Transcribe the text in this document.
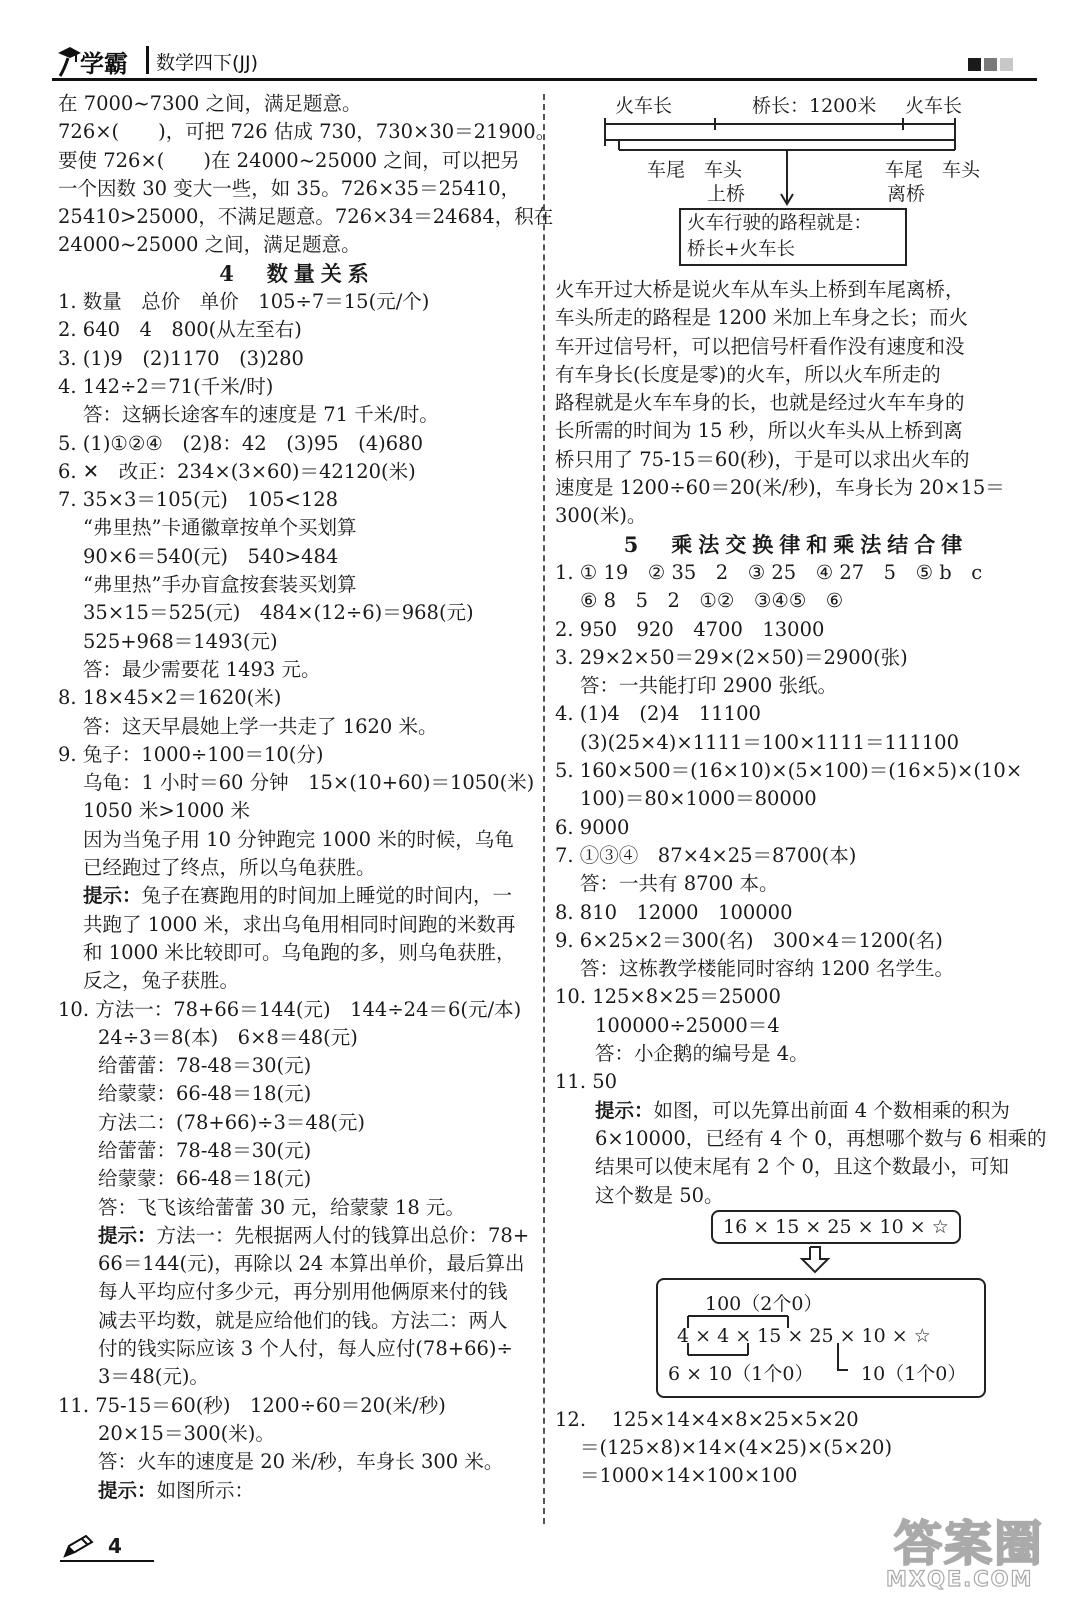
学霸 数学四下(JJ)
在 7000~7300 之间，满足题意。
726×(　　)，可把 726 估成 730，730×30＝21900。
要使 726×(　　)在 24000~25000 之间，可以把另
一个因数 30 变大一些，如 35。726×35＝25410，
25410>25000，不满足题意。726×34＝24684，积在
24000~25000 之间，满足题意。
4　数量关系
1. 数量　总价　单价　105÷7＝15(元/个)
2. 640　4　800(从左至右)
3. (1)9　(2)1170　(3)280
4. 142÷2＝71(千米/时)
答：这辆长途客车的速度是 71 千米/时。
5. (1)①②④　(2)8：42　(3)95　(4)680
6. ✕　改正：234×(3×60)＝42120(米)
7. 35×3＝105(元)　105<128
“弗里热”卡通徽章按单个买划算
90×6＝540(元)　540>484
“弗里热”手办盲盒按套装买划算
35×15＝525(元)　484×(12÷6)＝968(元)
525+968＝1493(元)
答：最少需要花 1493 元。
8. 18×45×2＝1620(米)
答：这天早晨她上学一共走了 1620 米。
9. 兔子：1000÷100＝10(分)
乌龟：1 小时＝60 分钟　15×(10+60)＝1050(米)
1050 米>1000 米
因为当兔子用 10 分钟跑完 1000 米的时候，乌龟
已经跑过了终点，所以乌龟获胜。
提示：兔子在赛跑用的时间加上睡觉的时间内，一
共跑了 1000 米，求出乌龟用相同时间跑的米数再
和 1000 米比较即可。乌龟跑的多，则乌龟获胜，
反之，兔子获胜。
10. 方法一：78+66＝144(元)　144÷24＝6(元/本)
24÷3＝8(本)　6×8＝48(元)
给蕾蕾：78-48＝30(元)
给蒙蒙：66-48＝18(元)
方法二：(78+66)÷3＝48(元)
给蕾蕾：78-48＝30(元)
给蒙蒙：66-48＝18(元)
答：飞飞该给蕾蕾 30 元，给蒙蒙 18 元。
提示：方法一：先根据两人付的钱算出总价：78+
66＝144(元)，再除以 24 本算出单价，最后算出
每人平均应付多少元，再分别用他俩原来付的钱
减去平均数，就是应给他们的钱。方法二：两人
付的钱实际应该 3 个人付，每人应付(78+66)÷
3＝48(元)。
11. 75-15＝60(秒)　1200÷60＝20(米/秒)
20×15＝300(米)。
答：火车的速度是 20 米/秒，车身长 300 米。
提示：如图所示：
火车长	桥长：1200米 火车长
车尾　车头
上桥
车尾　车头
离桥
火车行驶的路程就是：
桥长+火车长
火车开过大桥是说火车从车头上桥到车尾离桥，
车头所走的路程是 1200 米加上车身之长；而火
车开过信号杆，可以把信号杆看作没有速度和没
有车身长(长度是零)的火车，所以火车所走的
路程就是火车车身的长，也就是经过火车车身的
长所需的时间为 15 秒，所以火车头从上桥到离
桥只用了 75-15＝60(秒)，于是可以求出火车的
速度是 1200÷60＝20(米/秒)，车身长为 20×15＝
300(米)。
5　乘法交换律和乘法结合律
1. ① 19　② 35　2　③ 25　④ 27　5　⑤ b　c
⑥ 8　5　2　①②　③④⑤　⑥
2. 950　920　4700　13000
3. 29×2×50＝29×(2×50)＝2900(张)
答：一共能打印 2900 张纸。
4. (1)4　(2)4　11100
(3)(25×4)×1111＝100×1111＝111100
5. 160×500＝(16×10)×(5×100)＝(16×5)×(10×
100)＝80×1000＝80000
6. 9000
7. ①③④　87×4×25＝8700(本)
答：一共有 8700 本。
8. 810　12000　100000
9. 6×25×2＝300(名)　300×4＝1200(名)
答：这栋教学楼能同时容纳 1200 名学生。
10. 125×8×25＝25000
100000÷25000＝4
答：小企鹅的编号是 4。
11. 50
提示：如图，可以先算出前面 4 个数相乘的积为
6×10000，已经有 4 个 0，再想哪个数与 6 相乘的
结果可以使末尾有 2 个 0，且这个数最小，可知
这个数是 50。
16 × 15 × 25 × 10 × ☆
100（2个0）
4 × 4 × 15 × 25 × 10 × ☆
6 × 10（1个0）	10（1个0）
12.　 125×14×4×8×25×5×20
＝(125×8)×14×(4×25)×(5×20)
＝1000×14×100×100
4	答案圈
MXQE.COM
